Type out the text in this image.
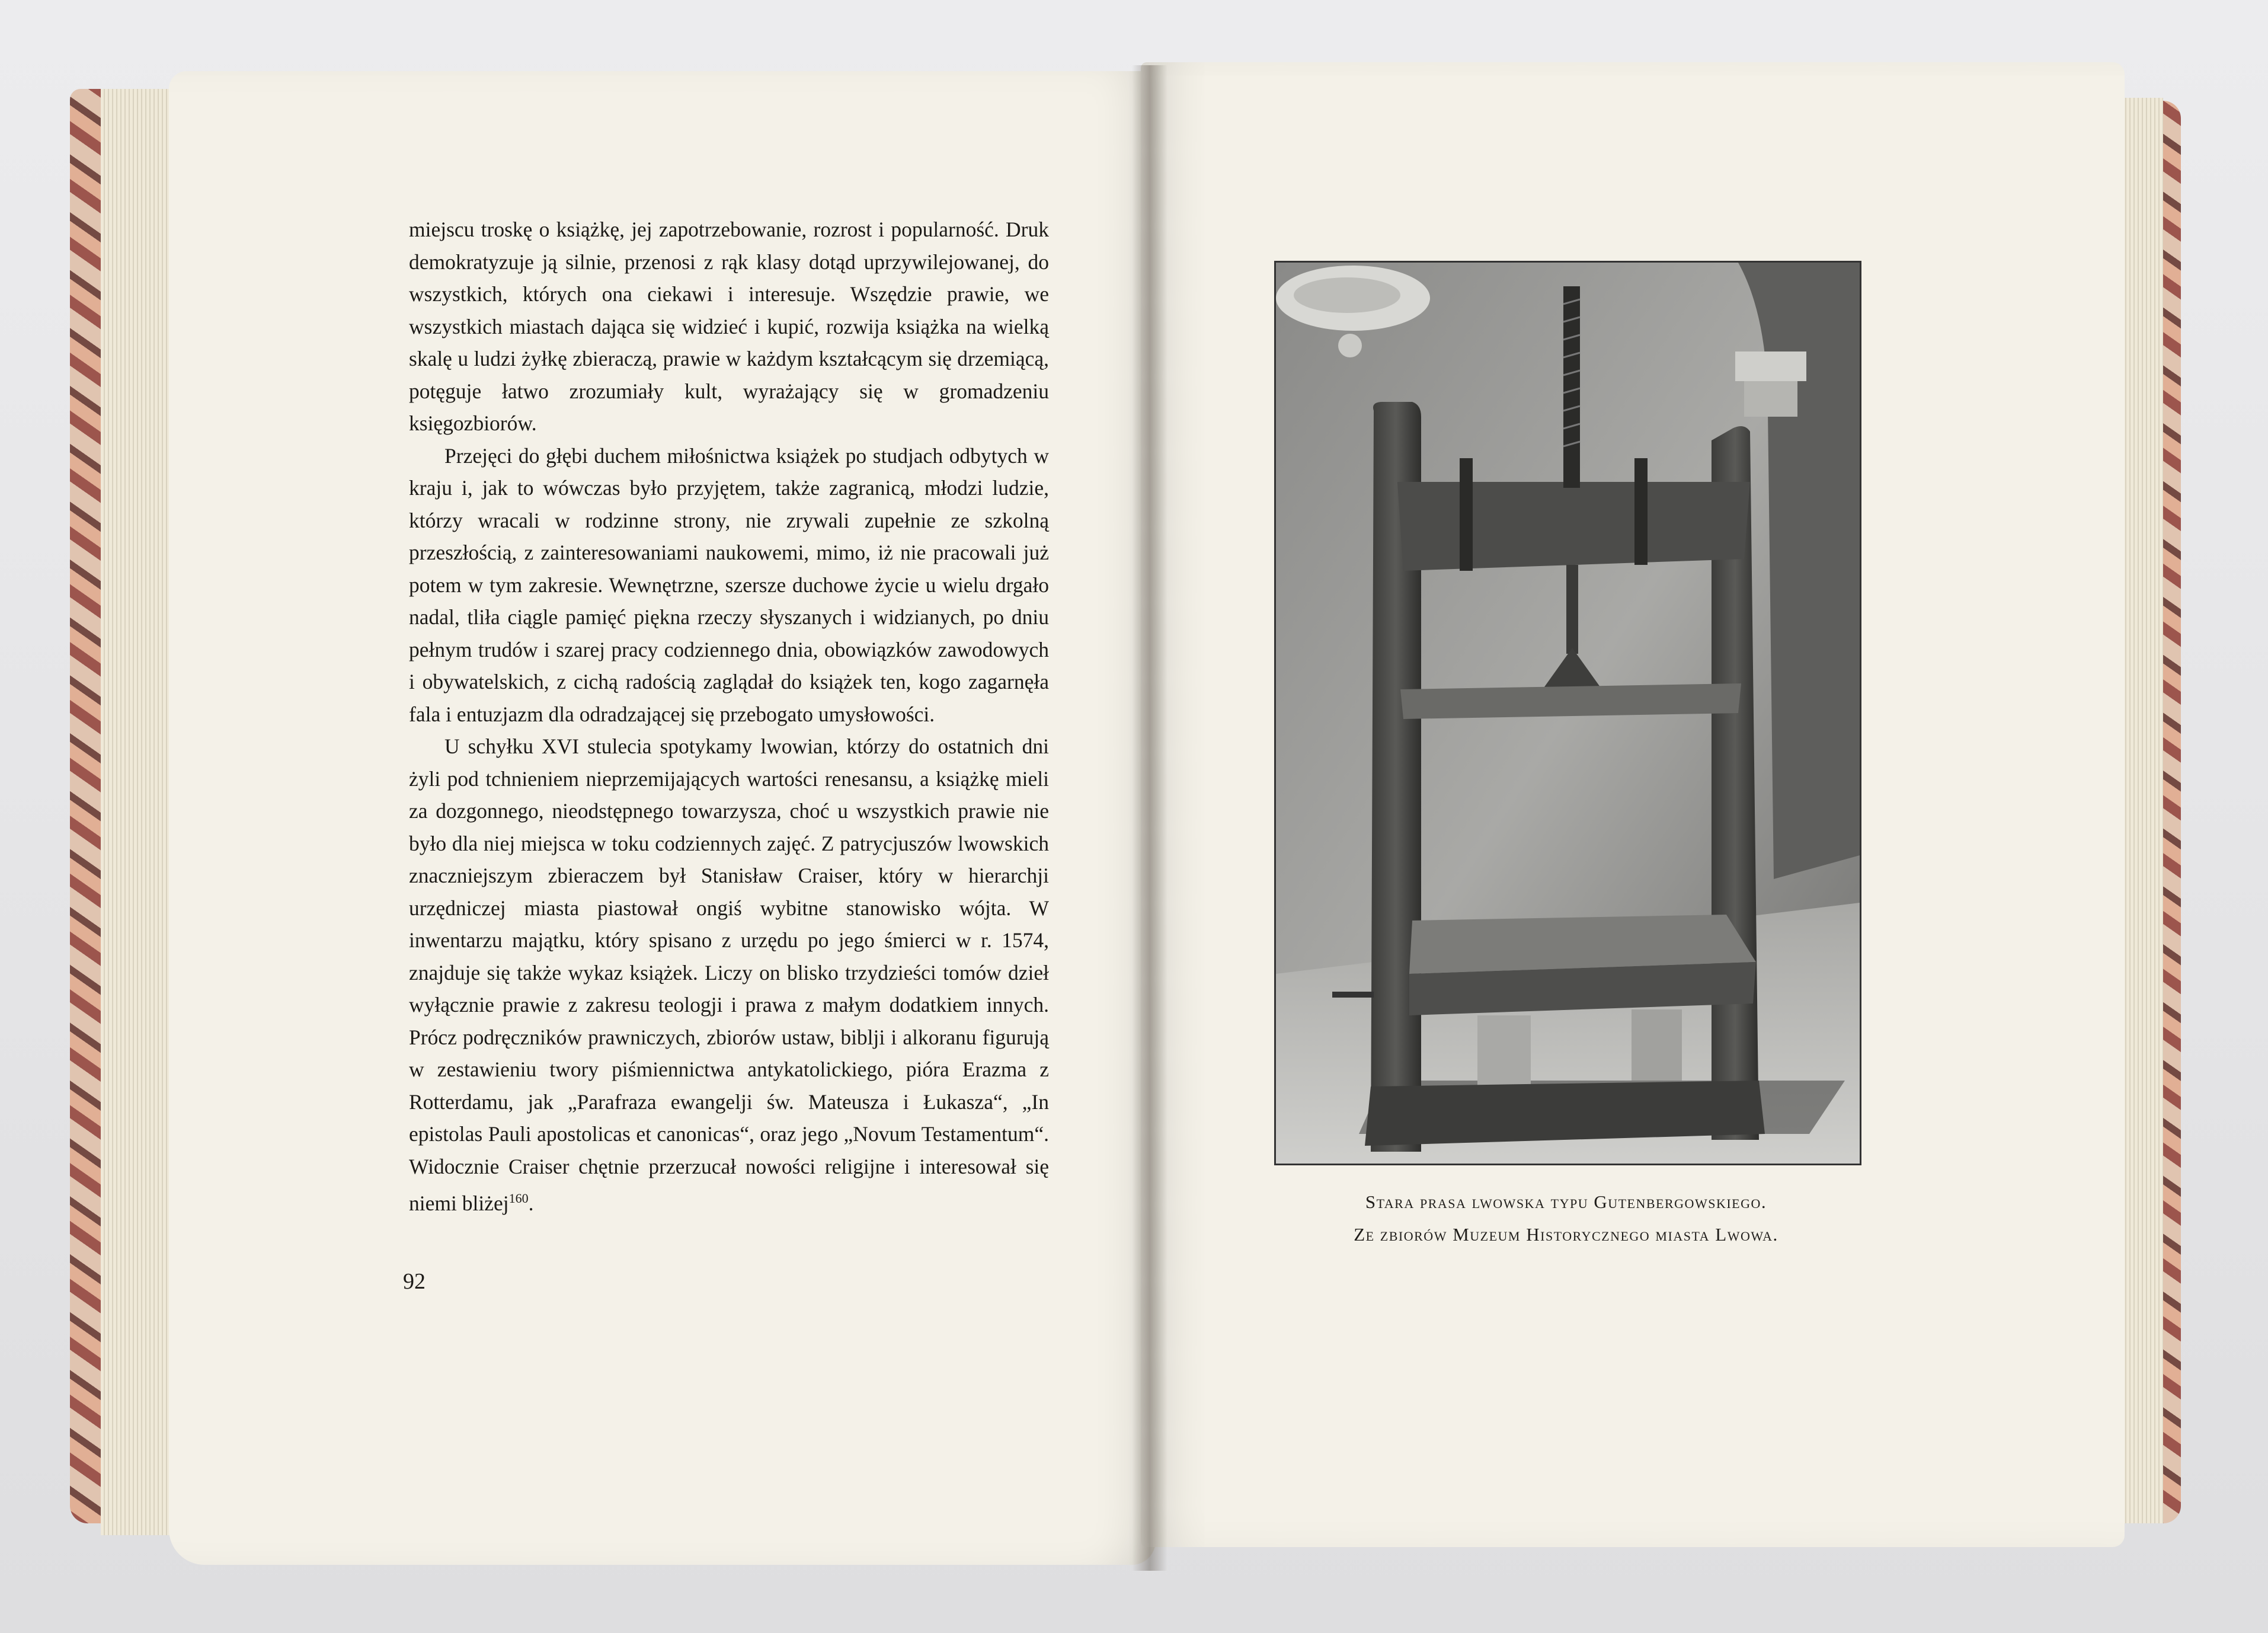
miejscu troskę o książkę, jej zapotrzebowanie, rozrost i popularność. Druk demokratyzuje ją silnie, przenosi z rąk klasy dotąd uprzywilejowanej, do wszystkich, których ona ciekawi i interesuje. Wszędzie prawie, we wszystkich miastach dająca się widzieć i kupić, rozwija książka na wielką skalę u ludzi żyłkę zbieraczą, prawie w każdym kształcącym się drzemiącą, potęguje łatwo zrozumiały kult, wyrażający się w gromadzeniu księgozbiorów.

Przejęci do głębi duchem miłośnictwa książek po studjach odbytych w kraju i, jak to wówczas było przyjętem, także zagranicą, młodzi ludzie, którzy wracali w rodzinne strony, nie zrywali zupełnie ze szkolną przeszłością, z zainteresowaniami naukowemi, mimo, iż nie pracowali już potem w tym zakresie. Wewnętrzne, szersze duchowe życie u wielu drgało nadal, tliła ciągle pamięć piękna rzeczy słyszanych i widzianych, po dniu pełnym trudów i szarej pracy codziennego dnia, obowiązków zawodowych i obywatelskich, z cichą radością zaglądał do książek ten, kogo zagarnęła fala i entuzjazm dla odradzającej się przebogato umysłowości.

U schyłku XVI stulecia spotykamy lwowian, którzy do ostatnich dni żyli pod tchnieniem nieprzemijających wartości renesansu, a książkę mieli za dozgonnego, nieodstępnego towarzysza, choć u wszystkich prawie nie było dla niej miejsca w toku codziennych zajęć. Z patrycjuszów lwowskich znaczniejszym zbieraczem był Stanisław Craiser, który w hierarchji urzędniczej miasta piastował ongiś wybitne stanowisko wójta. W inwentarzu majątku, który spisano z urzędu po jego śmierci w r. 1574, znajduje się także wykaz książek. Liczy on blisko trzydzieści tomów dzieł wyłącznie prawie z zakresu teologji i prawa z małym dodatkiem innych. Prócz podręczników prawniczych, zbiorów ustaw, biblji i alkoranu figurują w zestawieniu twory piśmiennictwa antykatolickiego, pióra Erazma z Rotterdamu, jak „Parafraza ewangelji św. Mateusza i Łukasza“, „In epistolas Pauli apostolicas et canonicas“, oraz jego „Novum Testamentum“. Widocznie Craiser chętnie przerzucał nowości religijne i interesował się niemi bliżej$^{160}$.

92
Stara prasa lwowska typu Gutenbergowskiego.
Ze zbiorów Muzeum Historycznego miasta Lwowa.
